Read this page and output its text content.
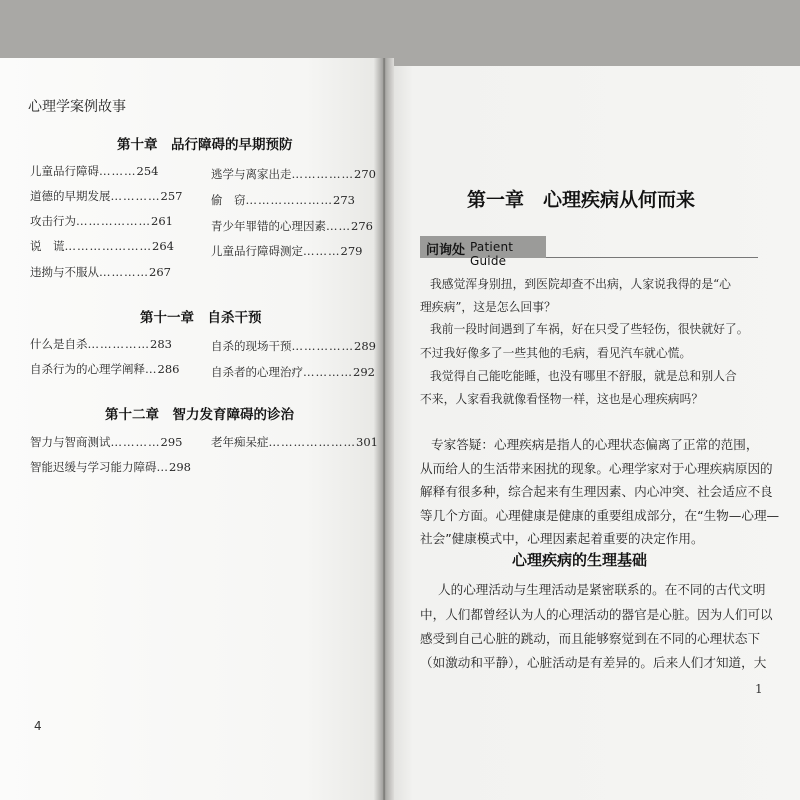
心理学案例故事
第十章　品行障碍的早期预防
儿童品行障碍………254	逃学与离家出走……………270
道德的早期发展…………257 偷　窃…………………273
攻击行为………………261	青少年罪错的心理因素……276
说　谎…………………264	儿童品行障碍测定………279
违拗与不服从…………267
第十一章　自杀干预
什么是自杀……………283	自杀的现场干预……………289
自杀行为的心理学阐释…286	自杀者的心理治疗…………292
第十二章　智力发育障碍的诊治
智力与智商测试…………295 老年痴呆症…………………301
智能迟缓与学习能力障碍…298
4
第一章　心理疾病从何而来
问询处 Patient Guide
我感觉浑身别扭，到医院却查不出病，人家说我得的是“心
理疾病”，这是怎么回事？
我前一段时间遇到了车祸，好在只受了些轻伤，很快就好了。
不过我好像多了一些其他的毛病，看见汽车就心慌。
我觉得自己能吃能睡，也没有哪里不舒服，就是总和别人合
不来，人家看我就像看怪物一样，这也是心理疾病吗？
专家答疑：心理疾病是指人的心理状态偏离了正常的范围，
从而给人的生活带来困扰的现象。心理学家对于心理疾病原因的
解释有很多种，综合起来有生理因素、内心冲突、社会适应不良
等几个方面。心理健康是健康的重要组成部分，在“生物—心理—
社会”健康模式中，心理因素起着重要的决定作用。
心理疾病的生理基础
人的心理活动与生理活动是紧密联系的。在不同的古代文明
中，人们都曾经认为人的心理活动的器官是心脏。因为人们可以
感受到自己心脏的跳动，而且能够察觉到在不同的心理状态下
（如激动和平静），心脏活动是有差异的。后来人们才知道，大
1
